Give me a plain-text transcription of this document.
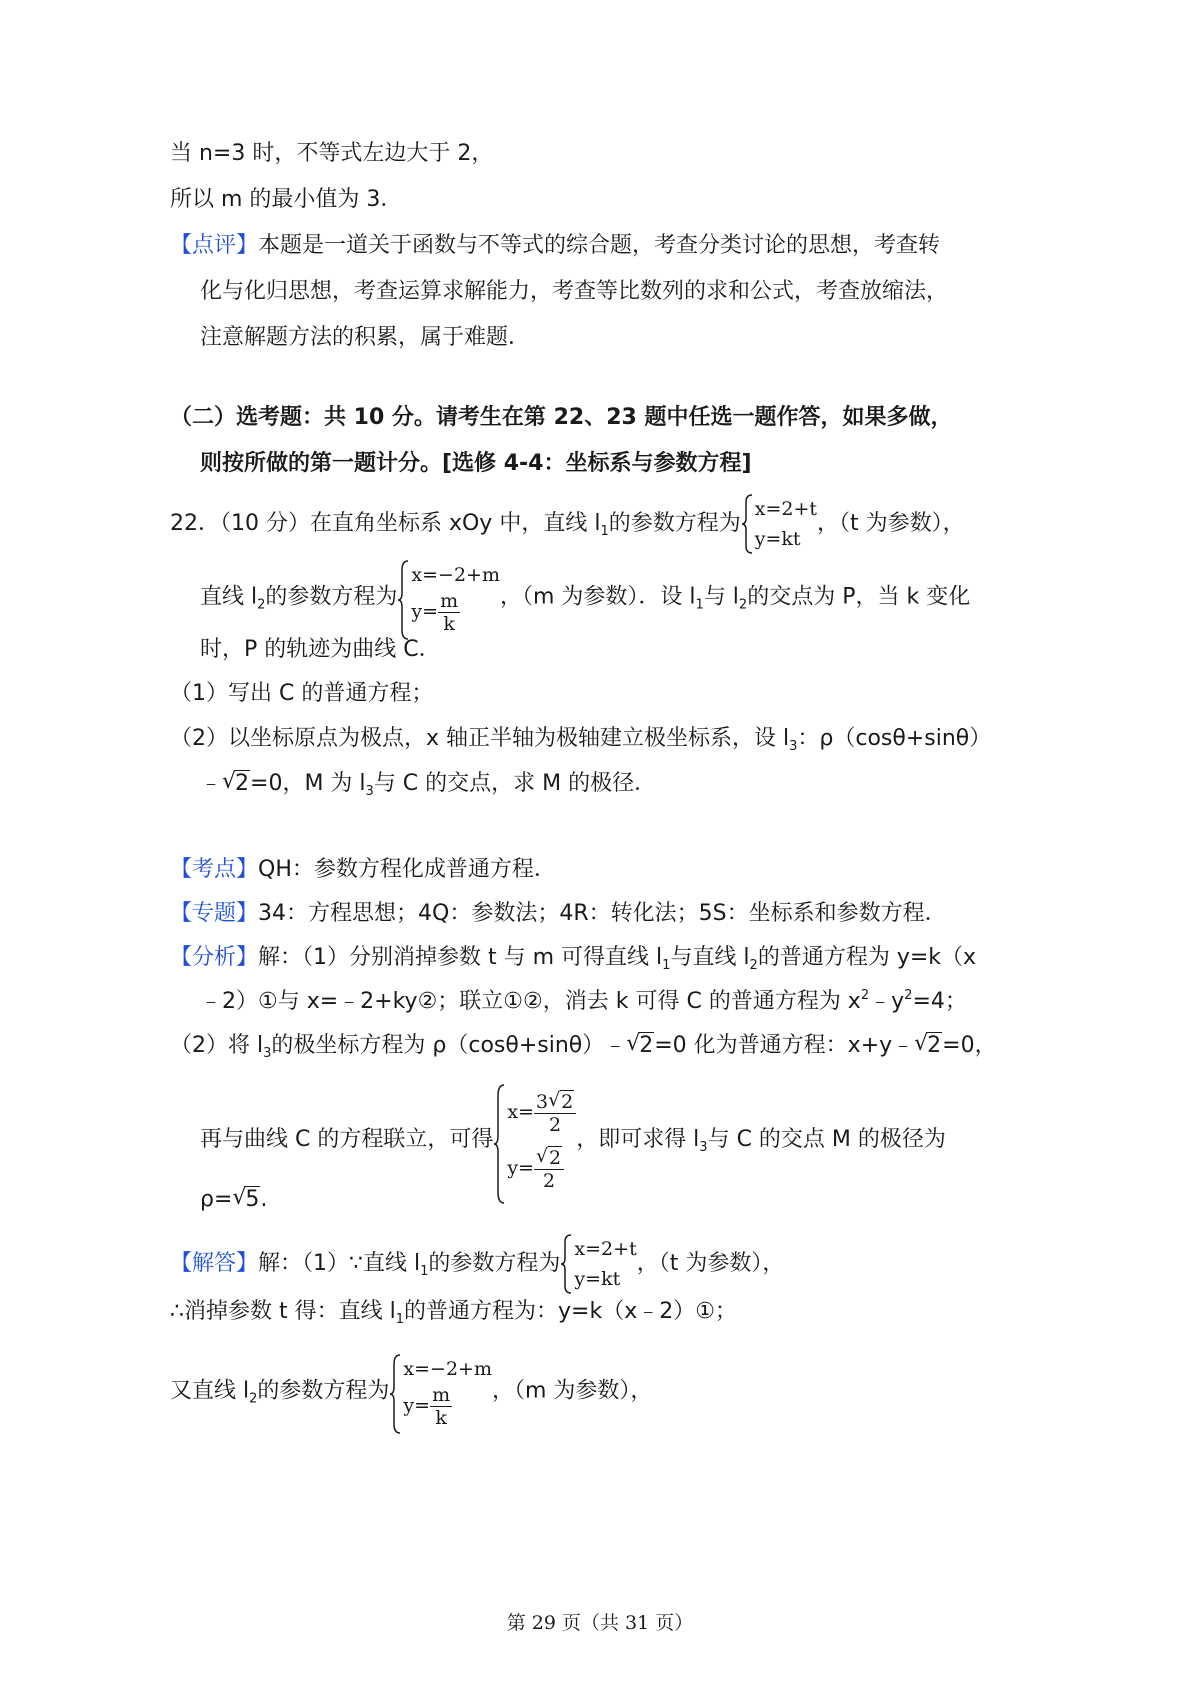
当 n=3 时，不等式左边大于 2，
所以 m 的最小值为 3．
【点评】本题是一道关于函数与不等式的综合题，考查分类讨论的思想，考查转
化与化归思想，考查运算求解能力，考查等比数列的求和公式，考查放缩法，
注意解题方法的积累，属于难题．
（二）选考题：共 10 分。请考生在第 22、23 题中任选一题作答，如果多做，
则按所做的第一题计分。[选修 4-4：坐标系与参数方程]
22．（10 分）在直角坐标系 xOy 中，直线 $l_1$的参数方程为
x=2+t
y=kt
，（t 为参数），
直线 $l_2$的参数方程为
x=−2+m
$y= \frac{m}{k}$ ，（m 为参数）．设 $l_1$与 $l_2$的交点为 P，当 k 变化
时，P 的轨迹为曲线 C．
（1）写出 C 的普通方程；
（2）以坐标原点为极点，x 轴正半轴为极轴建立极坐标系，设 $l_3$：ρ（cosθ+sinθ）
﹣ √ 2=0，M 为 $l_3$与 C 的交点，求 M 的极径．
【考点】QH：参数方程化成普通方程．
【专题】34：方程思想；4Q：参数法；4R：转化法；5S：坐标系和参数方程．
【分析】解：（1）分别消掉参数 t 与 m 可得直线 $l_1$与直线 $l_2$的普通方程为 y=k（x
﹣2）①与 x=﹣2+ky②；联立①②，消去 k 可得 C 的普通方程为 $x^2﹣y^2=4$；
（2）将 $l_3$的极坐标方程为 ρ（cosθ+sinθ）﹣ √ 2=0 化为普通方程：x+y﹣ √ 2=0，
再与曲线 C 的方程联立，可得
$x= \frac{3 √ 2}{2}$
y= √ $\frac{2}{2}$
，即可求得 $l_3$与 C 的交点 M 的极径为
ρ= √ 5.
【解答】解：（1）∵直线 $l_1$的参数方程为
x=2+t
y=kt
，（t 为参数），
∴消掉参数 t 得：直线 $l_1$的普通方程为：y=k（x﹣2）①；
又直线 $l_2$的参数方程为
x=−2+m
$y= \frac{m}{k}$ ，（m 为参数），
第 29 页（共 31 页）
